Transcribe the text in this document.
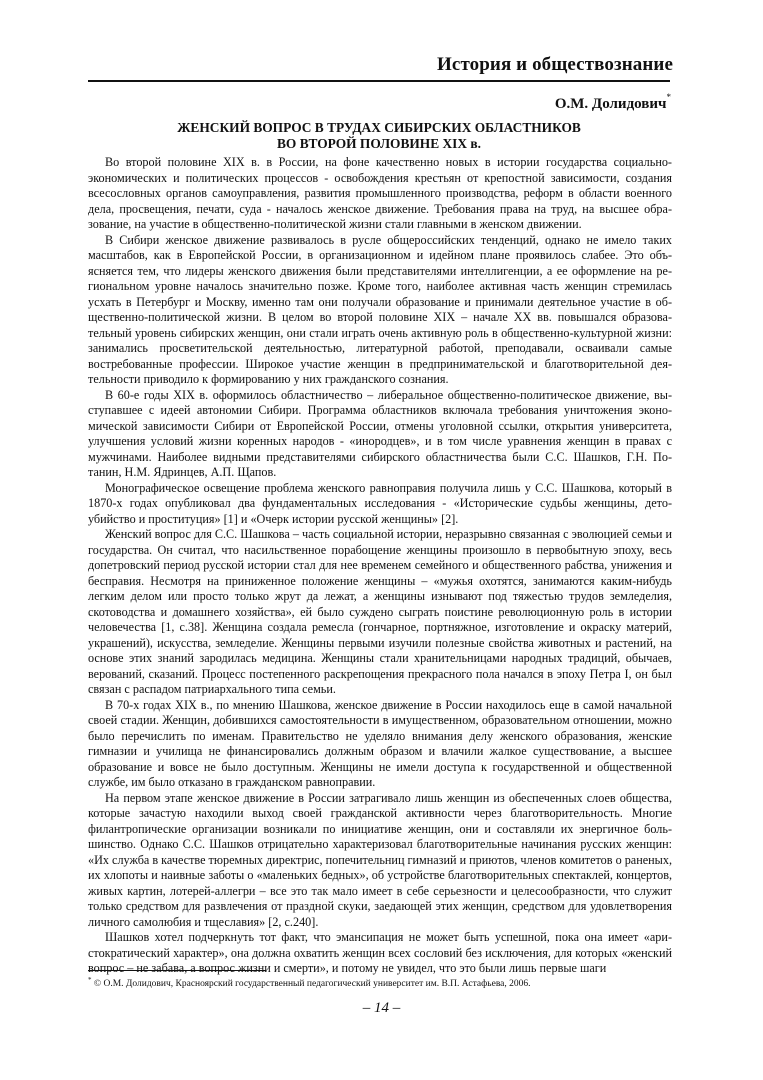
История и обществознание
О.М. Долидович*
ЖЕНСКИЙ ВОПРОС В ТРУДАХ СИБИРСКИХ ОБЛАСТНИКОВ
ВО ВТОРОЙ ПОЛОВИНЕ XIX в.

Во второй половине XIX в. в России, на фоне качественно новых в истории государства социально-экономических и политических процессов - освобождения крестьян от крепостной зависимости, создания всесословных органов самоуправления, развития промышленного производства, реформ в области военного дела, просвещения, печати, суда - началось женское движение. Требования права на труд, на высшее образование, на участие в общественно-политической жизни стали главными в женском движении.

В Сибири женское движение развивалось в русле общероссийских тенденций, однако не имело таких масштабов, как в Европейской России, в организационном и идейном плане проявилось слабее. Это объясняется тем, что лидеры женского движения были представителями интеллигенции, а ее оформление на региональном уровне началось значительно позже. Кроме того, наиболее активная часть женщин стремилась усхать в Петербург и Москву, именно там они получали образование и принимали деятельное участие в общественно-политической жизни. В целом во второй половине XIX – начале XX вв. повышался образовательный уровень сибирских женщин, они стали играть очень активную роль в общественно-культурной жизни: занимались просветительской деятельностью, литературной работой, преподавали, осваивали самые востребованные профессии. Широкое участие женщин в предпринимательской и благотворительной деятельности приводило к формированию у них гражданского сознания.

В 60-е годы XIX в. оформилось областничество – либеральное общественно-политическое движение, выступавшее с идеей автономии Сибири. Программа областников включала требования уничтожения экономической зависимости Сибири от Европейской России, отмены уголовной ссылки, открытия университета, улучшения условий жизни коренных народов - «инородцев», и в том числе уравнения женщин в правах с мужчинами. Наиболее видными представителями сибирского областничества были С.С. Шашков, Г.Н. Потанин, Н.М. Ядринцев, А.П. Щапов.

Монографическое освещение проблема женского равноправия получила лишь у С.С. Шашкова, который в 1870-х годах опубликовал два фундаментальных исследования - «Исторические судьбы женщины, детоубийство и проституция» [1] и «Очерк истории русской женщины» [2].

Женский вопрос для С.С. Шашкова – часть социальной истории, неразрывно связанная с эволюцией семьи и государства. Он считал, что насильственное порабощение женщины произошло в первобытную эпоху, весь допетровский период русской истории стал для нее временем семейного и общественного рабства, унижения и бесправия. Несмотря на приниженное положение женщины – «мужья охотятся, занимаются каким-нибудь легким делом или просто только жрут да лежат, а женщины изнывают под тяжестью трудов земледелия, скотоводства и домашнего хозяйства», ей было суждено сыграть поистине революционную роль в истории человечества [1, с.38]. Женщина создала ремесла (гончарное, портняжное, изготовление и окраску материй, украшений), искусства, земледелие. Женщины первыми изучили полезные свойства животных и растений, на основе этих знаний зародилась медицина. Женщины стали хранительницами народных традиций, обычаев, верований, сказаний. Процесс постепенного раскрепощения прекрасного пола начался в эпоху Петра I, он был связан с распадом патриархального типа семьи.

В 70-х годах XIX в., по мнению Шашкова, женское движение в России находилось еще в самой начальной своей стадии. Женщин, добившихся самостоятельности в имущественном, образовательном отношении, можно было перечислить по именам. Правительство не уделяло внимания делу женского образования, женские гимназии и училища не финансировались должным образом и влачили жалкое существование, а высшее образование и вовсе не было доступным. Женщины не имели доступа к государственной и общественной службе, им было отказано в гражданском равноправии.

На первом этапе женское движение в России затрагивало лишь женщин из обеспеченных слоев общества, которые зачастую находили выход своей гражданской активности через благотворительность. Многие филантропические организации возникали по инициативе женщин, они и составляли их энергичное большинство. Однако С.С. Шашков отрицательно характеризовал благотворительные начинания русских женщин: «Их служба в качестве тюремных директрис, попечительниц гимназий и приютов, членов комитетов о раненых, их хлопоты и наивные заботы о «маленьких бедных», об устройстве благотворительных спектаклей, концертов, живых картин, лотерей-аллегри – все это так мало имеет в себе серьезности и целесообразности, что служит только средством для развлечения от праздной скуки, заедающей этих женщин, средством для удовлетворения личного самолюбия и тщеславия» [2, с.240].

Шашков хотел подчеркнуть тот факт, что эмансипация не может быть успешной, пока она имеет «аристократический характер», она должна охватить женщин всех сословий без исключения, для которых «женский вопрос – не забава, а вопрос жизни и смерти», и потому не увидел, что это были лишь первые шаги

* © О.М. Долидович, Красноярский государственный педагогический университет им. В.П. Астафьева, 2006.
– 14 –
